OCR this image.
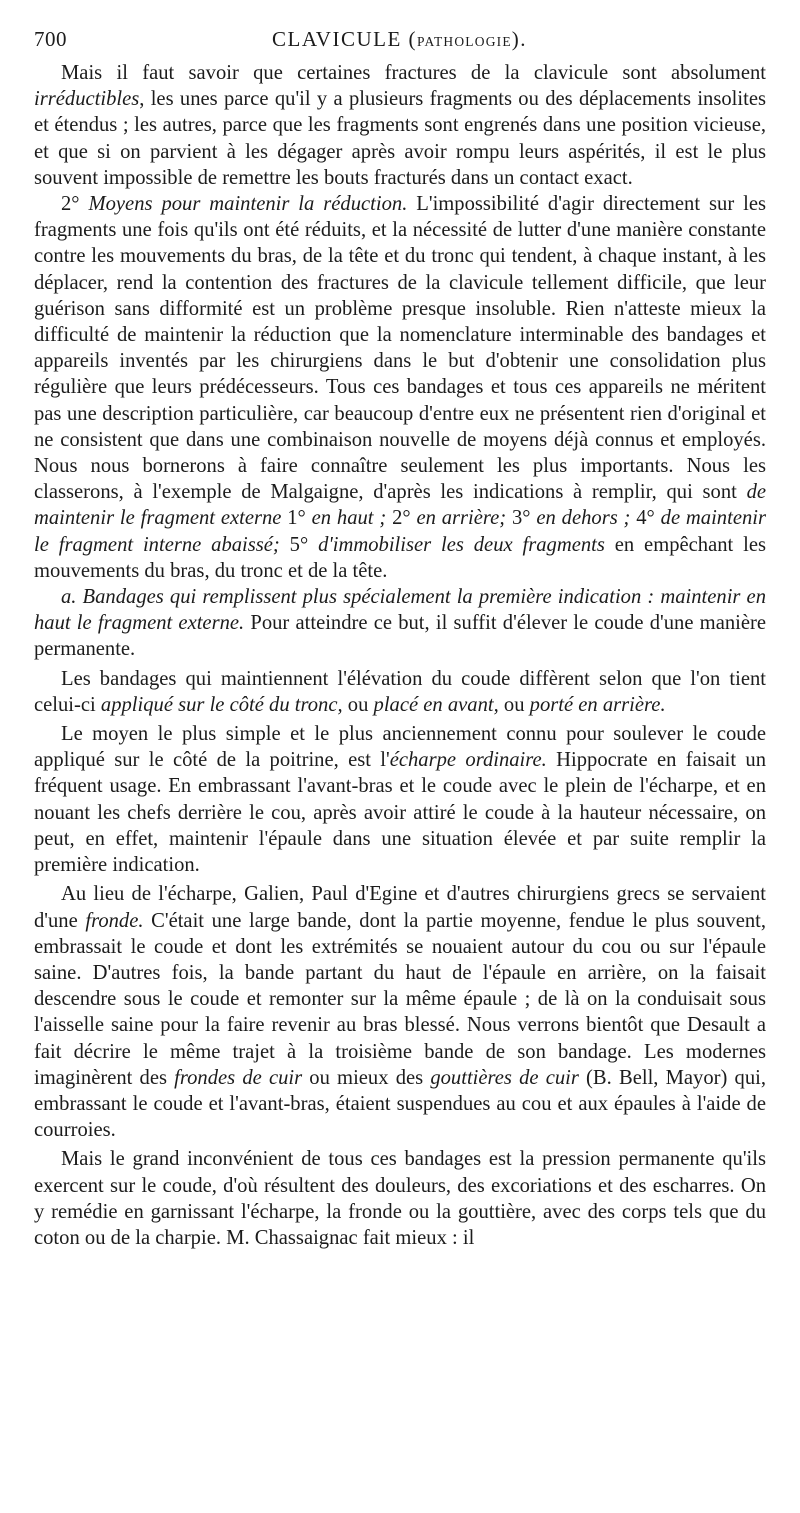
700	CLAVICULE (PATHOLOGIE).

Mais il faut savoir que certaines fractures de la clavicule sont absolument irréductibles, les unes parce qu'il y a plusieurs fragments ou des déplacements insolites et étendus ; les autres, parce que les fragments sont engrenés dans une position vicieuse, et que si on parvient à les dégager après avoir rompu leurs aspérités, il est le plus souvent impossible de remettre les bouts fracturés dans un contact exact.

2° Moyens pour maintenir la réduction. L'impossibilité d'agir directement sur les fragments une fois qu'ils ont été réduits, et la nécessité de lutter d'une manière constante contre les mouvements du bras, de la tête et du tronc qui tendent, à chaque instant, à les déplacer, rend la contention des fractures de la clavicule tellement difficile, que leur guérison sans difformité est un problème presque insoluble. Rien n'atteste mieux la difficulté de maintenir la réduction que la nomenclature interminable des bandages et appareils inventés par les chirurgiens dans le but d'obtenir une consolidation plus régulière que leurs prédécesseurs. Tous ces bandages et tous ces appareils ne méritent pas une description particulière, car beaucoup d'entre eux ne présentent rien d'original et ne consistent que dans une combinaison nouvelle de moyens déjà connus et employés. Nous nous bornerons à faire connaître seulement les plus importants. Nous les classerons, à l'exemple de Malgaigne, d'après les indications à remplir, qui sont de maintenir le fragment externe 1° en haut ; 2° en arrière; 3° en dehors ; 4° de maintenir le fragment interne abaissé; 5° d'immobiliser les deux fragments en empêchant les mouvements du bras, du tronc et de la tête.

a. Bandages qui remplissent plus spécialement la première indication : maintenir en haut le fragment externe. Pour atteindre ce but, il suffit d'élever le coude d'une manière permanente.

Les bandages qui maintiennent l'élévation du coude diffèrent selon que l'on tient celui-ci appliqué sur le côté du tronc, ou placé en avant, ou porté en arrière.

Le moyen le plus simple et le plus anciennement connu pour soulever le coude appliqué sur le côté de la poitrine, est l'écharpe ordinaire. Hippocrate en faisait un fréquent usage. En embrassant l'avant-bras et le coude avec le plein de l'écharpe, et en nouant les chefs derrière le cou, après avoir attiré le coude à la hauteur nécessaire, on peut, en effet, maintenir l'épaule dans une situation élevée et par suite remplir la première indication.

Au lieu de l'écharpe, Galien, Paul d'Egine et d'autres chirurgiens grecs se servaient d'une fronde. C'était une large bande, dont la partie moyenne, fendue le plus souvent, embrassait le coude et dont les extrémités se nouaient autour du cou ou sur l'épaule saine. D'autres fois, la bande partant du haut de l'épaule en arrière, on la faisait descendre sous le coude et remonter sur la même épaule ; de là on la conduisait sous l'aisselle saine pour la faire revenir au bras blessé. Nous verrons bientôt que Desault a fait décrire le même trajet à la troisième bande de son bandage. Les modernes imaginèrent des frondes de cuir ou mieux des gouttières de cuir (B. Bell, Mayor) qui, embrassant le coude et l'avant-bras, étaient suspendues au cou et aux épaules à l'aide de courroies.

Mais le grand inconvénient de tous ces bandages est la pression permanente qu'ils exercent sur le coude, d'où résultent des douleurs, des excoriations et des escharres. On y remédie en garnissant l'écharpe, la fronde ou la gouttière, avec des corps tels que du coton ou de la charpie. M. Chassaignac fait mieux : il
